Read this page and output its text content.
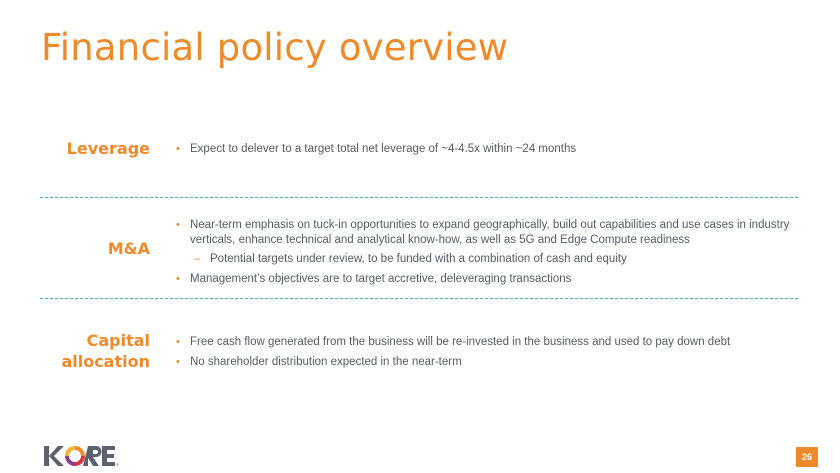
Financial policy overview
Leverage • Expect to delever to a target total net leverage of ~4-4.5x within ~24 months
M&A
• Near-term emphasis on tuck-in opportunities to expand geographically, build out capabilities and use cases in industry verticals, enhance technical and analytical know-how, as well as 5G and Edge Compute readiness
– Potential targets under review, to be funded with a combination of cash and equity
• Management’s objectives are to target accretive, deleveraging transactions
Capital
allocation
• Free cash flow generated from the business will be re-invested in the business and used to pay down debt
• No shareholder distribution expected in the near-term
®
26
